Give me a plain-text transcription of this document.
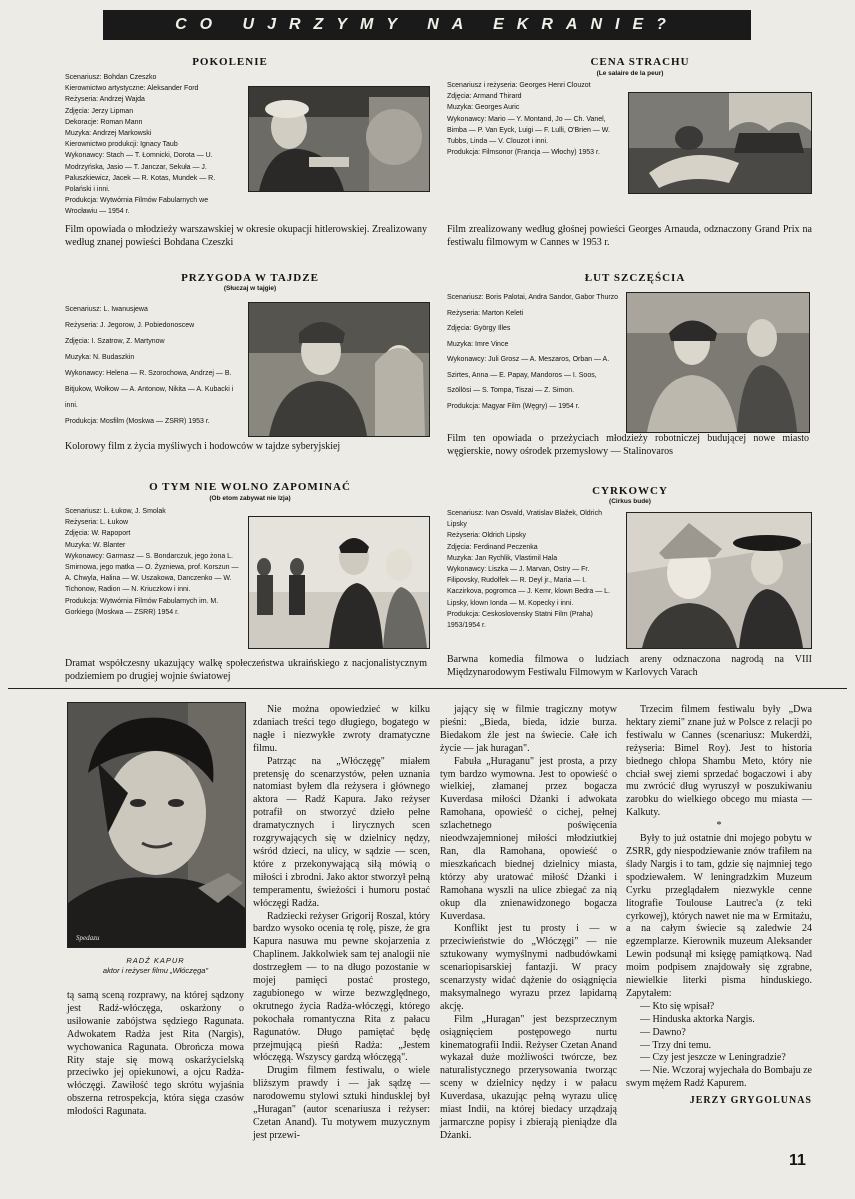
CO UJRZYMY NA EKRANIE?
POKOLENIE
Scenariusz: Bohdan Czeszko
Kierownictwo artystyczne: Aleksander Ford
Reżyseria: Andrzej Wajda
Zdjęcia: Jerzy Lipman
Dekoracje: Roman Mann
Muzyka: Andrzej Markowski
Kierownictwo produkcji: Ignacy Taub
Wykonawcy: Stach — T. Łomnicki, Dorota — U. Modrzyńska, Jasio — T. Janczar, Sekuła — J. Paluszkiewicz, Jacek — R. Kotas, Mundek — R. Polański i inni.
Produkcja: Wytwórnia Filmów Fabularnych we Wrocławiu — 1954 r.
Film opowiada o młodzieży warszawskiej w okresie okupacji hitlerowskiej. Zrealizowany według znanej powieści Bohdana Czeszki
CENA STRACHU
(Le salaire de la peur)
Scenariusz i reżyseria: Georges Henri Clouzot
Zdjęcia: Armand Thirard
Muzyka: Georges Auric
Wykonawcy: Mario — Y. Montand, Jo — Ch. Vanel, Bimba — P. Van Eyck, Luigi — F. Lulli, O'Brien — W. Tubbs, Linda — V. Clouzot i inni.
Produkcja: Filmsonor (Francja — Włochy) 1953 r.
Film zrealizowany według głośnej powieści Georges Arnauda, odznaczony Grand Prix na festiwalu filmowym w Cannes w 1953 r.
PRZYGODA W TAJDZE
(Słuczaj w tajgie)
Scenariusz: L. Iwanusjewa
Reżyseria: J. Jegorow, J. Pobiedonoscew
Zdjęcia: I. Szatrow, Z. Martynow
Muzyka: N. Budaszkin
Wykonawcy: Helena — R. Szorochowa, Andrzej — B. Bitjukow, Wołkow — A. Antonow, Nikita — A. Kubacki i inni.
Produkcja: Mosfilm (Moskwa — ZSRR) 1953 r.
Kolorowy film z życia myśliwych i hodowców w tajdze syberyjskiej
ŁUT SZCZĘŚCIA
Scenariusz: Boris Palotai, Andra Sandor, Gabor Thurzo
Reżyseria: Marton Keleti
Zdjęcia: György Illes
Muzyka: Imre Vince
Wykonawcy: Juli Grosz — A. Meszaros, Orban — A. Szirtes, Anna — E. Papay, Mandoros — I. Soos, Szöllösi — S. Tompa, Tiszai — Z. Simon.
Produkcja: Magyar Film (Węgry) — 1954 r.
Film ten opowiada o przeżyciach młodzieży robotniczej budującej nowe miasto węgierskie, nowy ośrodek przemysłowy — Stalinovaros
O TYM NIE WOLNO ZAPOMINAĆ
(Ob etom zabywat nie lzja)
Scenariusz: L. Łukow, J. Smolak
Reżyseria: L. Łukow
Zdjęcia: W. Rapoport
Muzyka: W. Blanter
Wykonawcy: Garmasz — S. Bondarczuk, jego żona L. Smirnowa, jego matka — O. Żyzniewa, prof. Korszun — A. Chwyla, Halina — W. Uszakowa, Danczenko — W. Tichonow, Radion — N. Kriuczkow i inni.
Produkcja: Wytwórnia Filmów Fabularnych im. M. Gorkiego (Moskwa — ZSRR) 1954 r.
Dramat współczesny ukazujący walkę społeczeństwa ukraińskiego z nacjonalistycznym podziemiem po drugiej wojnie światowej
CYRKOWCY
(Cirkus bude)
Scenariusz: Ivan Osvald, Vratislav Blažek, Oldrich Lipsky
Reżyseria: Oldrich Lipsky
Zdjęcia: Ferdinand Peczenka
Muzyka: Jan Rychlik, Vlastimil Hala
Wykonawcy: Liszka — J. Marvan, Ostry — Fr. Filipovsky, Rudolfek — R. Deyl jr., Maria — I. Kaczirkova, pogromca — J. Kemr, klown Bedra — L. Lipsky, klown Ionda — M. Kopecky i inni.
Produkcja: Ceskoslovensky Statni Film (Praha) 1953/1954 r.
Barwna komedia filmowa o ludziach areny odznaczona nagrodą na VIII Międzynarodowym Festiwalu Filmowym w Karlovych Varach
Spedazu
RADŹ KAPUR
aktor i reżyser filmu „Włóczęga"

tą samą sceną rozprawy, na której sądzony jest Radź-włóczęga, oskarżony o usiłowanie zabójstwa sędziego Ragunata. Adwokatem Radża jest Rita (Nargis), wychowanica Ragunata. Obrończa mowa Rity staje się mową oskarżycielską przeciwko jej opiekunowi, a ojcu Radża-włóczęgi. Zawiłość tego skrótu wyjaśnia obszerna retrospekcja, która sięga czasów młodości Ragunata.

Nie można opowiedzieć w kilku zdaniach treści tego długiego, bogatego w nagłe i niezwykłe zwroty dramatyczne filmu.

Patrząc na „Włóczęgę" miałem pretensję do scenarzystów, pełen uznania natomiast byłem dla reżysera i głównego aktora — Radź Kapura. Jako reżyser potrafił on stworzyć dzieło pełne dramatycznych i lirycznych scen rozgrywających się w dzielnicy nędzy, wśród dzieci, na ulicy, w sądzie — scen, które z przekonywającą siłą mówią o miłości i zbrodni. Jako aktor stworzył pełną temperamentu, świeżości i humoru postać włóczęgi Radża.

Radziecki reżyser Grigorij Roszal, który bardzo wysoko ocenia tę rolę, pisze, że gra Kapura nasuwa mu pewne skojarzenia z Chaplinem. Jakkolwiek sam tej analogii nie dostrzegłem — to na długo pozostanie w mojej pamięci postać prostego, zagubionego w wirze bezwzględnego, okrutnego życia Radża-włóczęgi, którego pokochała romantyczna Rita z pałacu Ragunatów. Długo pamiętać będę przejmującą pieśń Radża: „Jestem włóczęgą. Wszyscy gardzą włóczęgą".

Drugim filmem festiwalu, o wiele bliższym prawdy i — jak sądzę — narodowemu stylowi sztuki hindusklej był „Huragan" (autor scenariusza i reżyser: Czetan Anand). Tu motywem muzycznym jest przewi-

jający się w filmie tragiczny motyw pieśni: „Bieda, bieda, idzie burza. Biedakom źle jest na świecie. Całe ich życie — jak huragan".

Fabuła „Huraganu" jest prosta, a przy tym bardzo wymowna. Jest to opowieść o wielkiej, złamanej przez bogacza Kuverdasa miłości Dżanki i adwokata Ramohana, opowieść o cichej, pełnej szlachetnego poświęcenia nieodwzajemnionej miłości młodziutkiej Ran, dla Ramohana, opowieść o mieszkańcach biednej dzielnicy miasta, którzy aby uratować miłość Dżanki i Ramohana wyszli na ulice zbiegać za nią okup dla znienawidzonego bogacza Kuverdasa.

Konflikt jest tu prosty i — w przeciwieństwie do „Włóczęgi" — nie sztukowany wymyślnymi nadbudówkami scenariopisarskiej fantazji. W pracy scenarzysty widać dążenie do osiągnięcia maksymalnego wyrazu przez lapidarną akcję.

Film „Huragan" jest bezsprzecznym osiągnięciem postępowego nurtu kinematografii Indii. Reżyser Czetan Anand wykazał duże możliwości twórcze, bez naturalistycznego przerysowania tworząc sceny w dzielnicy nędzy i w pałacu Kuverdasa, ukazując pełną wyrazu ulicę miast Indii, na której biedacy urządzają jarmarczne popisy i zbierają pieniądze dla Dżanki.

Trzecim filmem festiwalu były „Dwa hektary ziemi" znane już w Polsce z relacji po festiwalu w Cannes (scenariusz: Mukerdżi, reżyseria: Bimel Roy). Jest to historia biednego chłopa Shambu Meto, który nie chciał swej ziemi sprzedać bogaczowi i aby mu zwrócić dług wyruszył w poszukiwaniu zarobku do wielkiego obcego mu miasta — Kalkuty.

*

Były to już ostatnie dni mojego pobytu w ZSRR, gdy niespodziewanie znów trafiłem na ślady Nargis i to tam, gdzie się najmniej tego spodziewałem. W leningradzkim Muzeum Cyrku przeglądałem niezwykle cenne litografie Toulouse Lautrec'a (z teki cyrkowej), których nawet nie ma w Ermitażu, a na całym świecie są zaledwie 24 egzemplarze. Kierownik muzeum Aleksander Lewin podsunął mi księgę pamiątkową. Nad moim podpisem znajdowały się zgrabne, niewielkie literki pisma hinduskiego. Zapytałem:

— Kto się wpisał?

— Hinduska aktorka Nargis.

— Dawno?

— Trzy dni temu.

— Czy jest jeszcze w Leningradzie?

— Nie. Wczoraj wyjechała do Bombaju ze swym mężem Radź Kapurem.

JERZY GRYGOLUNAS

11
